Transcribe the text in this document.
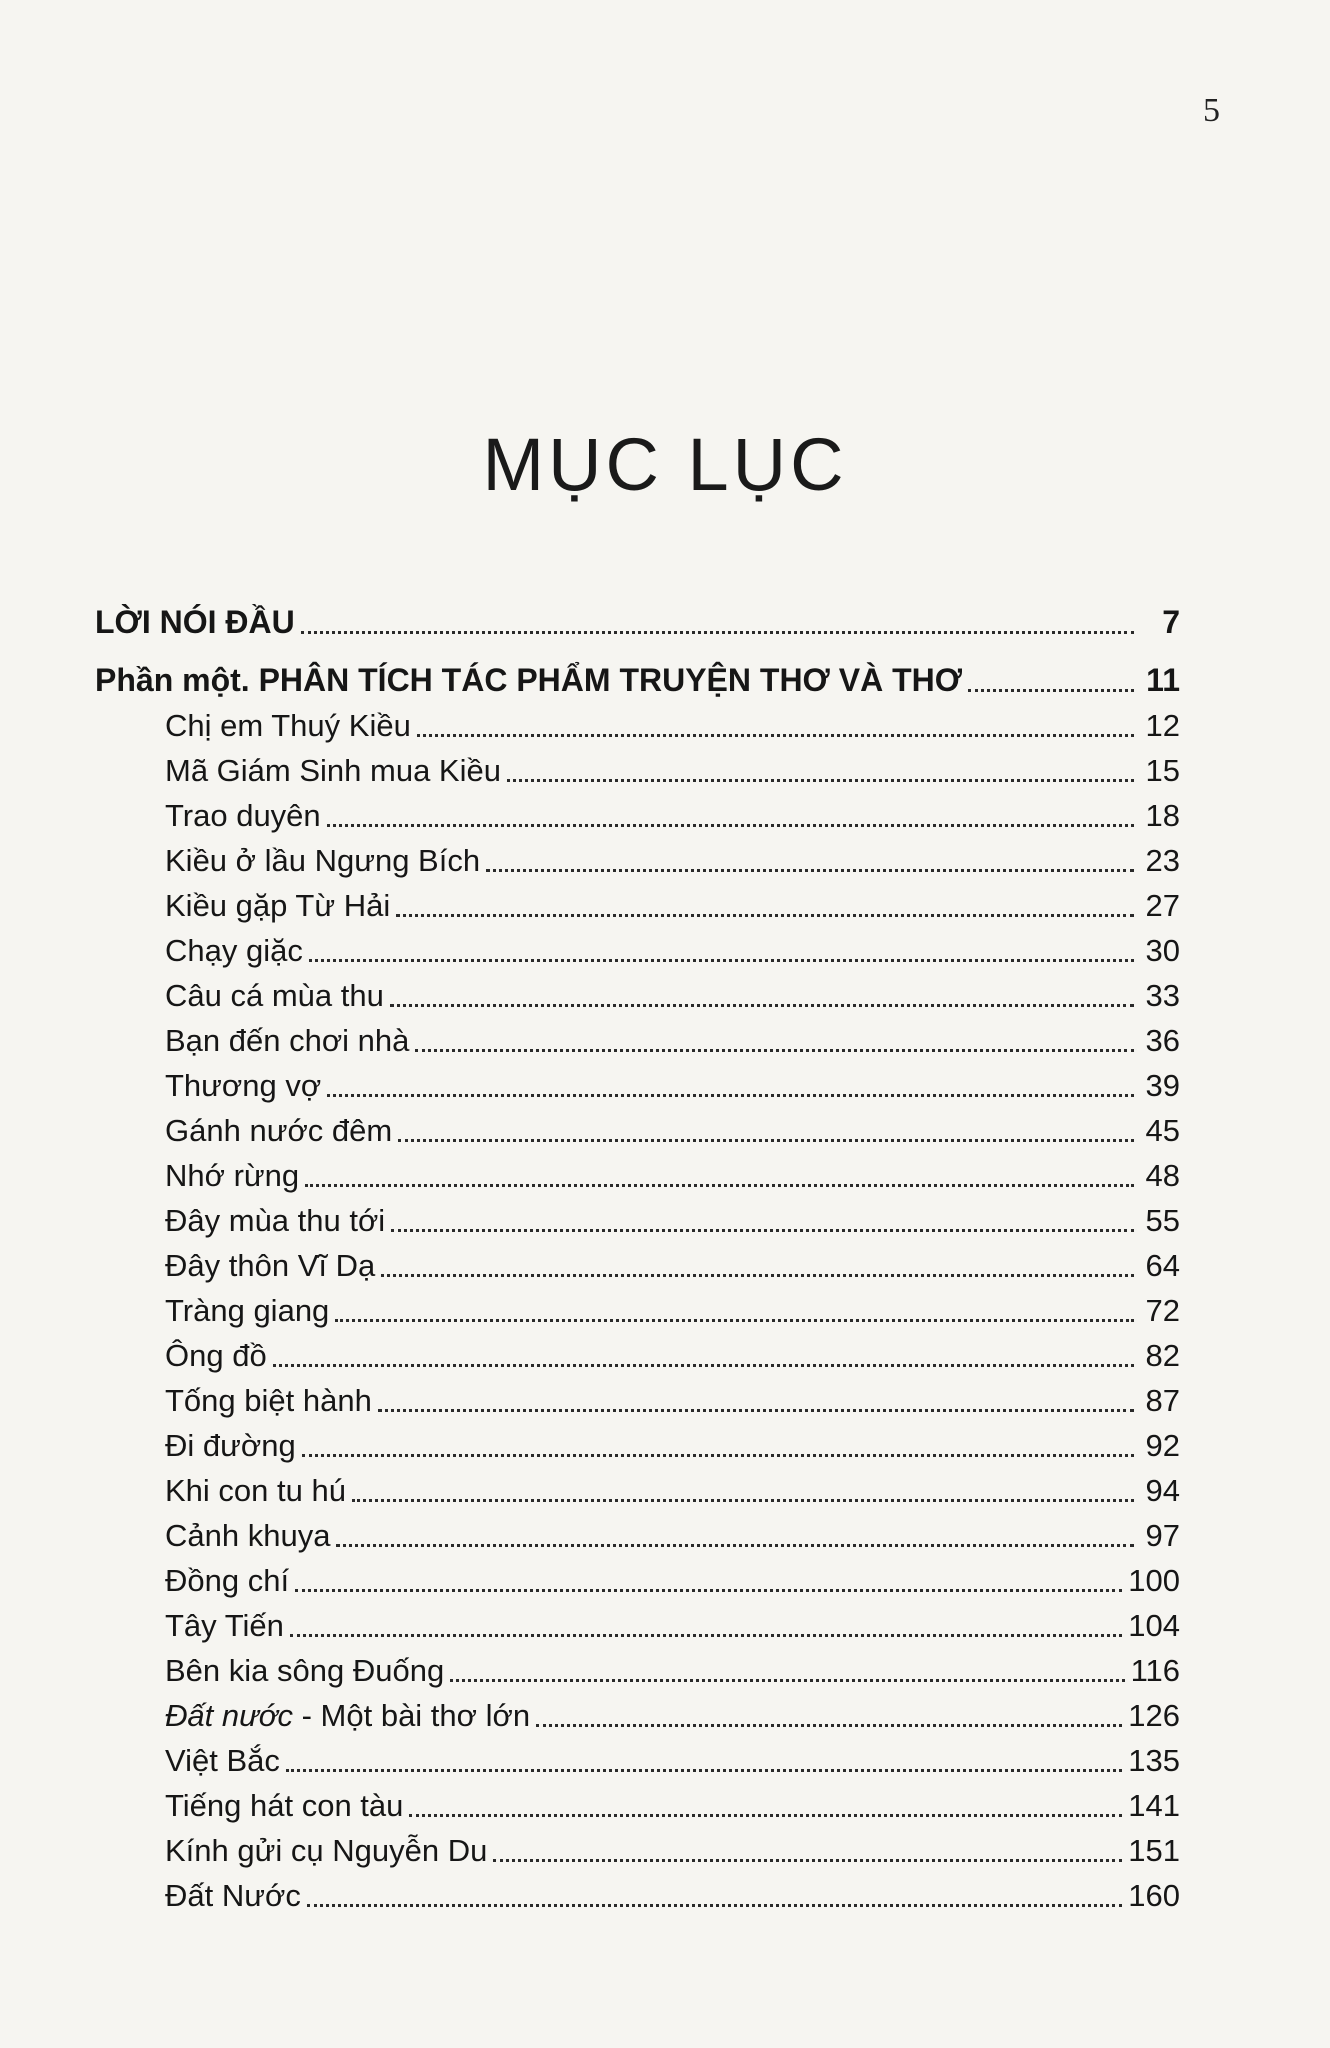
5
MỤC LỤC
LỜI NÓI ĐẦU	7
Phần một. PHÂN TÍCH TÁC PHẨM TRUYỆN THƠ VÀ THƠ	11
Chị em Thuý Kiều	12
Mã Giám Sinh mua Kiều	15
Trao duyên	18
Kiều ở lầu Ngưng Bích	23
Kiều gặp Từ Hải	27
Chạy giặc	30
Câu cá mùa thu	33
Bạn đến chơi nhà	36
Thương vợ	39
Gánh nước đêm	45
Nhớ rừng	48
Đây mùa thu tới	55
Đây thôn Vĩ Dạ	64
Tràng giang	72
Ông đồ	82
Tống biệt hành	87
Đi đường	92
Khi con tu hú	94
Cảnh khuya	97
Đồng chí	100
Tây Tiến	104
Bên kia sông Đuống	116
Đất nước - Một bài thơ lớn	126
Việt Bắc	135
Tiếng hát con tàu	141
Kính gửi cụ Nguyễn Du	151
Đất Nước	160
